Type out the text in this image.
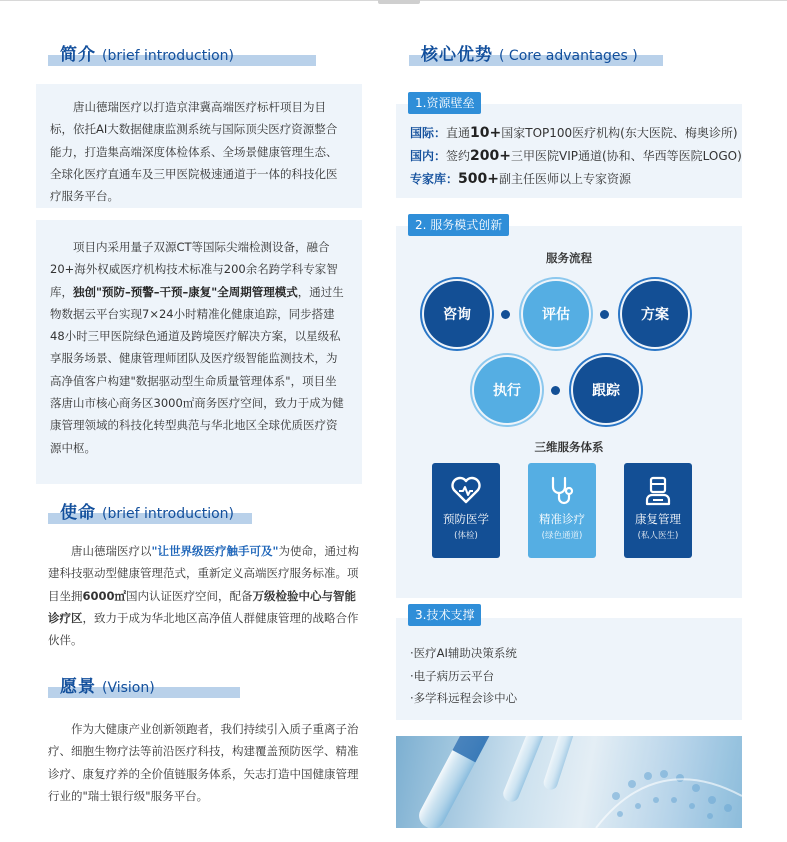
简介 (brief introduction)

唐山德瑞医疗以打造京津冀高端医疗标杆项目为目标，依托AI大数据健康监测系统与国际顶尖医疗资源整合能力，打造集高端深度体检体系、全场景健康管理生态、全球化医疗直通车及三甲医院极速通道于一体的科技化医疗服务平台。

项目内采用量子双源CT等国际尖端检测设备，融合20+海外权威医疗机构技术标准与200余名跨学科专家智库，独创"预防–预警–干预–康复"全周期管理模式，通过生物数据云平台实现7×24小时精准化健康追踪，同步搭建48小时三甲医院绿色通道及跨境医疗解决方案，以星级私享服务场景、健康管理师团队及医疗级智能监测技术，为高净值客户构建"数据驱动型生命质量管理体系"，项目坐落唐山市核心商务区3000㎡商务医疗空间，致力于成为健康管理领域的科技化转型典范与华北地区全球优质医疗资源中枢。

使命 (brief introduction)

唐山德瑞医疗以"让世界级医疗触手可及"为使命，通过构建科技驱动型健康管理范式，重新定义高端医疗服务标准。项目坐拥6000㎡国内认证医疗空间，配备万级检验中心与智能诊疗区，致力于成为华北地区高净值人群健康管理的战略合作伙伴。

愿景 (Vision)

作为大健康产业创新领跑者，我们持续引入质子重离子治疗、细胞生物疗法等前沿医疗科技，构建覆盖预防医学、精准诊疗、康复疗养的全价值链服务体系，矢志打造中国健康管理行业的"瑞士银行级"服务平台。

核心优势 ( Core advantages )
1.资源壁垒
国际：直通10+国家TOP100医疗机构(东大医院、梅奥诊所)
国内：签约200+三甲医院VIP通道(协和、华西等医院LOGO)
专家库：500+副主任医师以上专家资源
2. 服务模式创新
服务流程
咨询	评估	方案
执行	跟踪
三维服务体系
预防医学
(体检)
精准诊疗
(绿色通道)
康复管理
(私人医生)
3.技术支撑
·医疗AI辅助决策系统
·电子病历云平台
·多学科远程会诊中心
